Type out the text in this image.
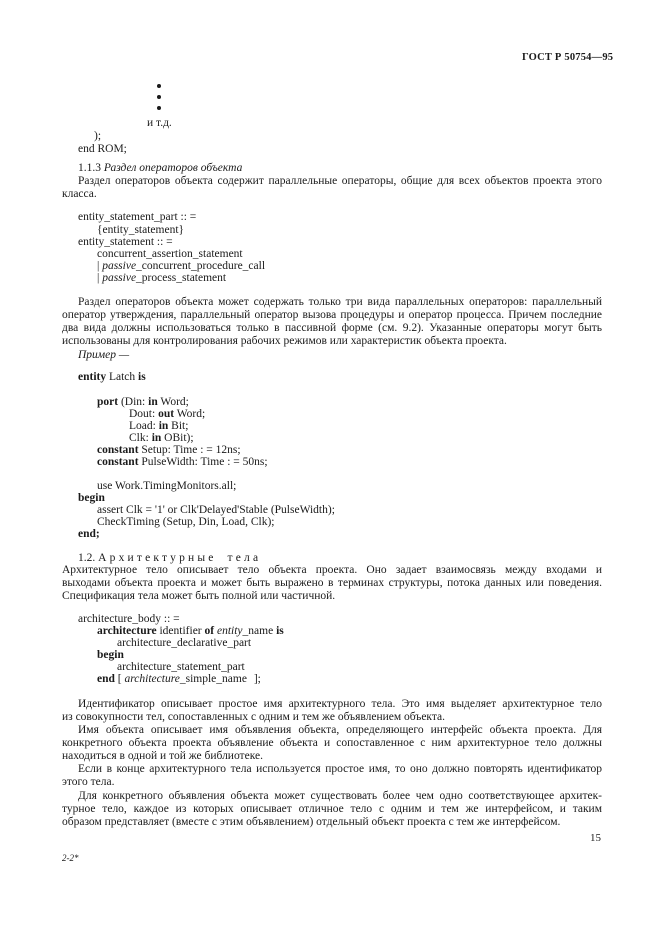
ГОСТ Р 50754—95
и т.д.
);
end ROM;
1.1.3 Раздел операторов объекта
Раздел операторов объекта содержит параллельные операторы, общие для всех объектов проекта этого
класса.
entity_statement_part :: =
{entity_statement}
entity_statement :: =
concurrent_assertion_statement
| passive_concurrent_procedure_call
| passive_process_statement
Раздел операторов объекта может содержать только три вида параллельных операторов: параллельный
оператор утверждения, параллельный оператор вызова процедуры и оператор процесса. Причем последние
два вида должны использоваться только в пассивной форме (см. 9.2). Указанные операторы могут быть
использованы для контролирования рабочих режимов или характеристик объекта проекта.
Пример —
entity Latch is
port (Din: in Word;
Dout: out Word;
Load: in Bit;
Clk: in OBit);
constant Setup: Time : = 12ns;
constant PulseWidth: Time : = 50ns;
use Work.TimingMonitors.all;
begin
assert Clk = '1' or Clk'Delayed'Stable (PulseWidth);
CheckTiming (Setup, Din, Load, Clk);
end;
1.2. Архитектурные тела
Архитектурное тело описывает тело объекта проекта. Оно задает взаимосвязь между входами и
выходами объекта проекта и может быть выражено в терминах структуры, потока данных или поведения.
Спецификация тела может быть полной или частичной.
architecture_body :: =
architecture identifier of entity_name is
architecture_declarative_part
begin
architecture_statement_part
end [ architecture_simple_name ];
Идентификатор описывает простое имя архитектурного тела. Это имя выделяет архитектурное тело
из совокупности тел, сопоставленных с одним и тем же объявлением объекта.
Имя объекта описывает имя объявления объекта, определяющего интерфейс объекта проекта. Для
конкретного объекта проекта объявление объекта и сопоставленное с ним архитектурное тело должны
находиться в одной и той же библиотеке.
Если в конце архитектурного тела используется простое имя, то оно должно повторять идентификатор
этого тела.
Для конкретного объявления объекта может существовать более чем одно соответствующее архитек-
турное тело, каждое из которых описывает отличное тело с одним и тем же интерфейсом, и таким
образом представляет (вместе с этим объявлением) отдельный объект проекта с тем же интерфейсом.
15
2-2*
